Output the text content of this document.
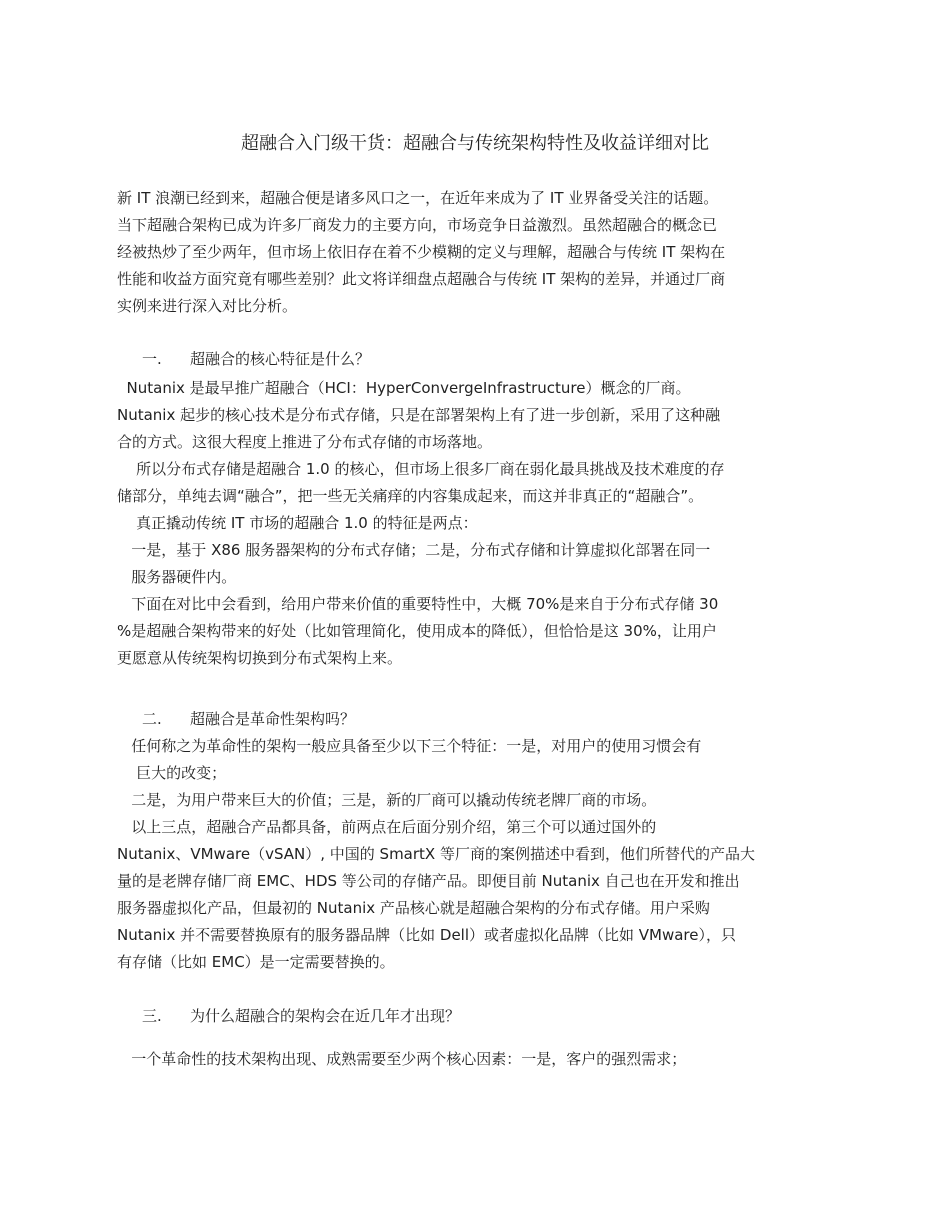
超融合入门级干货：超融合与传统架构特性及收益详细对比
新 IT 浪潮已经到来，超融合便是诸多风口之一，在近年来成为了 IT 业界备受关注的话题。
当下超融合架构已成为许多厂商发力的主要方向，市场竞争日益激烈。虽然超融合的概念已
经被热炒了至少两年，但市场上依旧存在着不少模糊的定义与理解，超融合与传统 IT 架构在
性能和收益方面究竟有哪些差别？此文将详细盘点超融合与传统 IT 架构的差异，并通过厂商
实例来进行深入对比分析。
一. 超融合的核心特征是什么？
Nutanix 是最早推广超融合（HCI：HyperConvergeInfrastructure）概念的厂商。
Nutanix 起步的核心技术是分布式存储，只是在部署架构上有了进一步创新，采用了这种融
合的方式。这很大程度上推进了分布式存储的市场落地。
所以分布式存储是超融合 1.0 的核心，但市场上很多厂商在弱化最具挑战及技术难度的存
储部分，单纯去调“融合”，把一些无关痛痒的内容集成起来，而这并非真正的“超融合”。
真正撬动传统 IT 市场的超融合 1.0 的特征是两点：
一是，基于 X86 服务器架构的分布式存储；二是，分布式存储和计算虚拟化部署在同一
服务器硬件内。
下面在对比中会看到，给用户带来价值的重要特性中，大概 70%是来自于分布式存储 30
%是超融合架构带来的好处（比如管理简化，使用成本的降低），但恰恰是这 30%，让用户
更愿意从传统架构切换到分布式架构上来。
二. 超融合是革命性架构吗？
任何称之为革命性的架构一般应具备至少以下三个特征：一是，对用户的使用习惯会有
巨大的改变；
二是，为用户带来巨大的价值；三是，新的厂商可以撬动传统老牌厂商的市场。
以上三点，超融合产品都具备，前两点在后面分别介绍，第三个可以通过国外的
Nutanix、VMware（vSAN）, 中国的 SmartX 等厂商的案例描述中看到，他们所替代的产品大
量的是老牌存储厂商 EMC、HDS 等公司的存储产品。即便目前 Nutanix 自己也在开发和推出
服务器虚拟化产品，但最初的 Nutanix 产品核心就是超融合架构的分布式存储。用户采购
Nutanix 并不需要替换原有的服务器品牌（比如 Dell）或者虚拟化品牌（比如 VMware），只
有存储（比如 EMC）是一定需要替换的。
三. 为什么超融合的架构会在近几年才出现？
一个革命性的技术架构出现、成熟需要至少两个核心因素：一是，客户的强烈需求；
